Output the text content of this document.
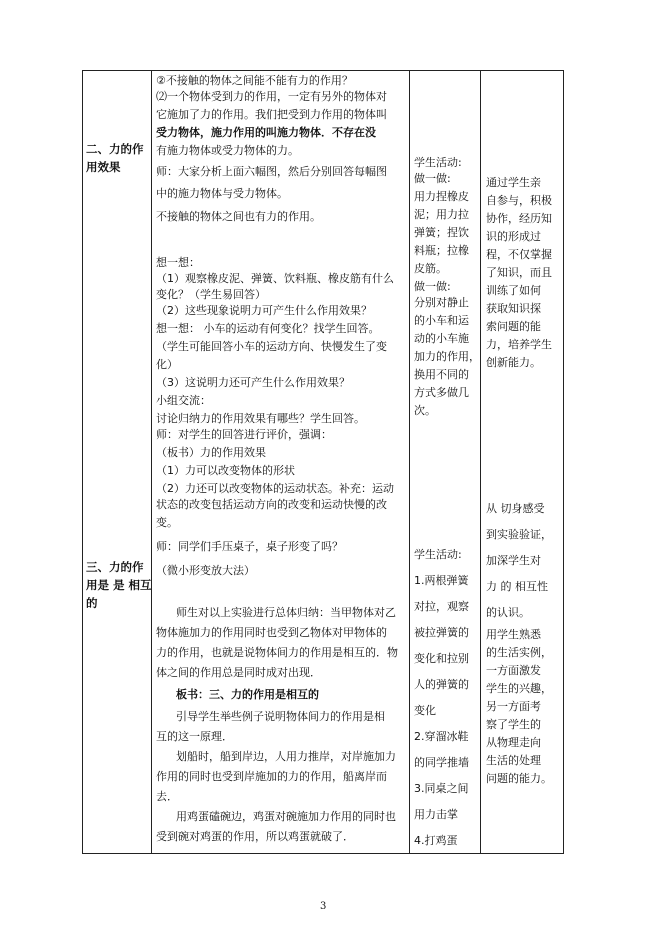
二、力的作
用效果
三、力的作
用是 是 相互
的
②不接触的物体之间能不能有力的作用？
⑵一个物体受到力的作用，一定有另外的物体对
它施加了力的作用。我们把受到力作用的物体叫
受力物体，施力作用的叫施力物体．不存在没
有施力物体或受力物体的力。
师：大家分析上面六幅图，然后分别回答每幅图
中的施力物体与受力物体。
不接触的物体之间也有力的作用。
想一想：
（1）观察橡皮泥、弹簧、饮料瓶、橡皮筋有什么
变化？（学生易回答）
（2）这些现象说明力可产生什么作用效果？
想一想： 小车的运动有何变化？找学生回答。
（学生可能回答小车的运动方向、快慢发生了变
化）
（3）这说明力还可产生什么作用效果？
小组交流：
讨论归纳力的作用效果有哪些？学生回答。
师：对学生的回答进行评价，强调：
（板书）力的作用效果
（1）力可以改变物体的形状
（2）力还可以改变物体的运动状态。补充：运动
状态的改变包括运动方向的改变和运动快慢的改
变。
师：同学们手压桌子，桌子形变了吗？
（微小形变放大法）
师生对以上实验进行总体归纳：当甲物体对乙
物体施加力的作用同时也受到乙物体对甲物体的
力的作用，也就是说物体间力的作用是相互的．物
体之间的作用总是同时成对出现．
板书：三、力的作用是相互的
引导学生举些例子说明物体间力的作用是相
互的这一原理．
划船时，船到岸边，人用力推岸，对岸施加力
作用的同时也受到岸施加的力的作用，船离岸而
去．
用鸡蛋磕碗边，鸡蛋对碗施加力作用的同时也
受到碗对鸡蛋的作用，所以鸡蛋就破了．
学生活动:
做一做:
用力捏橡皮
泥；用力拉
弹簧；捏饮
料瓶；拉橡
皮筋。
做一做:
分别对静止
的小车和运
动的小车施
加力的作用，
换用不同的
方式多做几
次。
学生活动:
1.两根弹簧
对拉，观察
被拉弹簧的
变化和拉别
人的弹簧的
变化
2.穿溜冰鞋
的同学推墙
3.同桌之间
用力击掌
4.打鸡蛋
通过学生亲
自参与，积极
协作，经历知
识的形成过
程，不仅掌握
了知识，而且
训练了如何
获取知识探
索问题的能
力，培养学生
创新能力。
从 切身感受
到实验验证，
加深学生对
力 的 相互性
的认识。
用学生熟悉
的生活实例，
一方面激发
学生的兴趣，
另一方面考
察了学生的
从物理走向
生活的处理
问题的能力。
3
